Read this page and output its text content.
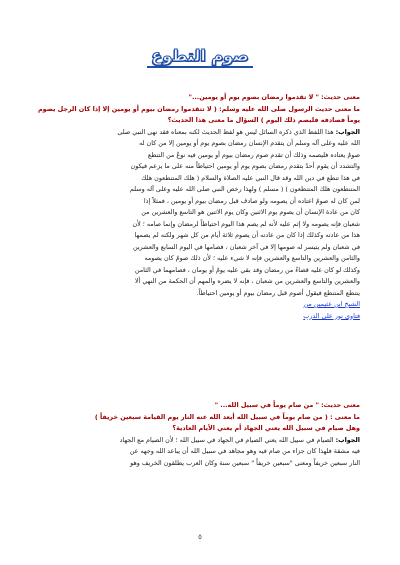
صوم التطوع
معنى حديث: " لا تقدموا رمضان بصوم يوم أو يومين..."
ما معنى حديث الرسول صلى الله عليه وسلم: ( لا تتقدموا رمضان بيوم أو يومين إلا إذا كان الرجل يصوم يوماً فصادفه فليصم ذلك اليوم ) السؤال ما معنى هذا الحديث؟
الجواب: هذا اللفظ الذي ذكره السائل ليس هو لفظ الحديث لكنه بمعناه فقد نهى النبي صلى
الله عليه وعلى آله وسلم أن يتقدم الإنسان رمضان بصوم يوم أو يومين إلا من كان له
صومٌ يعتاده فليصمه وذلك أن تقدم صوم رمضان بيوم أو يومين فيه نوعٌ من التنطع
والتشدد أن يقوم أحدٌ بتقدم رمضان بصوم يوم أو يومين احتياطاً منه على ما يزعم فيكون
في هذا تنطع في دين الله وقد قال النبي عليه الصلاة والسلام ( هلك المتنطعون هلك
المتنطعون هلك المتنطعون ) ( مسلم ) ولهذا رخص النبي صلى الله عليه وعلى آله وسلم
لمن كان له صومٌ اعتاده أن يصومه ولو صادف قبل رمضان بيوم أو يومين ، فمثلاً إذا
كان من عادة الإنسان أن يصوم يوم الاثنين وكان يوم الاثنين هو التاسع والعشرين من
شعبان فإنه يصومه ولا إثم عليه لأنه لم يصم هذا اليوم احتياطاً لرمضان وإنما صامه ؛ لأن
هذا من عادته وكذلك إذا كان من عادته أن يصوم ثلاثة أيام من كل شهر ولكنه لم يصمها
في شعبان ولم يتيسر له صومها إلا في آخر شعبان ، فصامها في اليوم السابع والعشرين
والثامن والعشرين والتاسع والعشرين فإنه لا شيء عليه ؛ لأن ذلك صومٌ كان يصومه
وكذلك لو كان عليه قضاءٌ من رمضان وقد بقي عليه يومٌ أو يومان ، فصامهما في الثامن
والعشرين والتاسع والعشرين من شعبان ، فإنه لا يضره والمهم أن الحكمة من النهي ألا
يتنطع المتنطع فيقول أصوم قبل رمضان بيوم أو يومين احتياطاً.
الشيخ ابن عثيمين من
فتاوى نور على الدرب
معنى حديث: " من صام يوماً في سبيل الله... "
ما معنى : ( من صام يوماً في سبيل الله أبعد الله عنه النار يوم القيامة سبعين خريفاً )
وهل صيام في سبيل الله يعني الجهاد أم يعني الأيام العادية؟
الجواب: الصيام في سبيل الله يعني الصيام في الجهاد في سبيل الله ؛ لأن الصيام مع الجهاد
فيه مشقة فلهذا كان جزاء من صام فيه وهو مجاهد في سبيل الله أن يباعد الله وجهه عن
النار سبعين خريفاً ومعنى "سبعين خريفاً " سبعين سنة وكان العرب يطلقون الخريف وهو
٥
